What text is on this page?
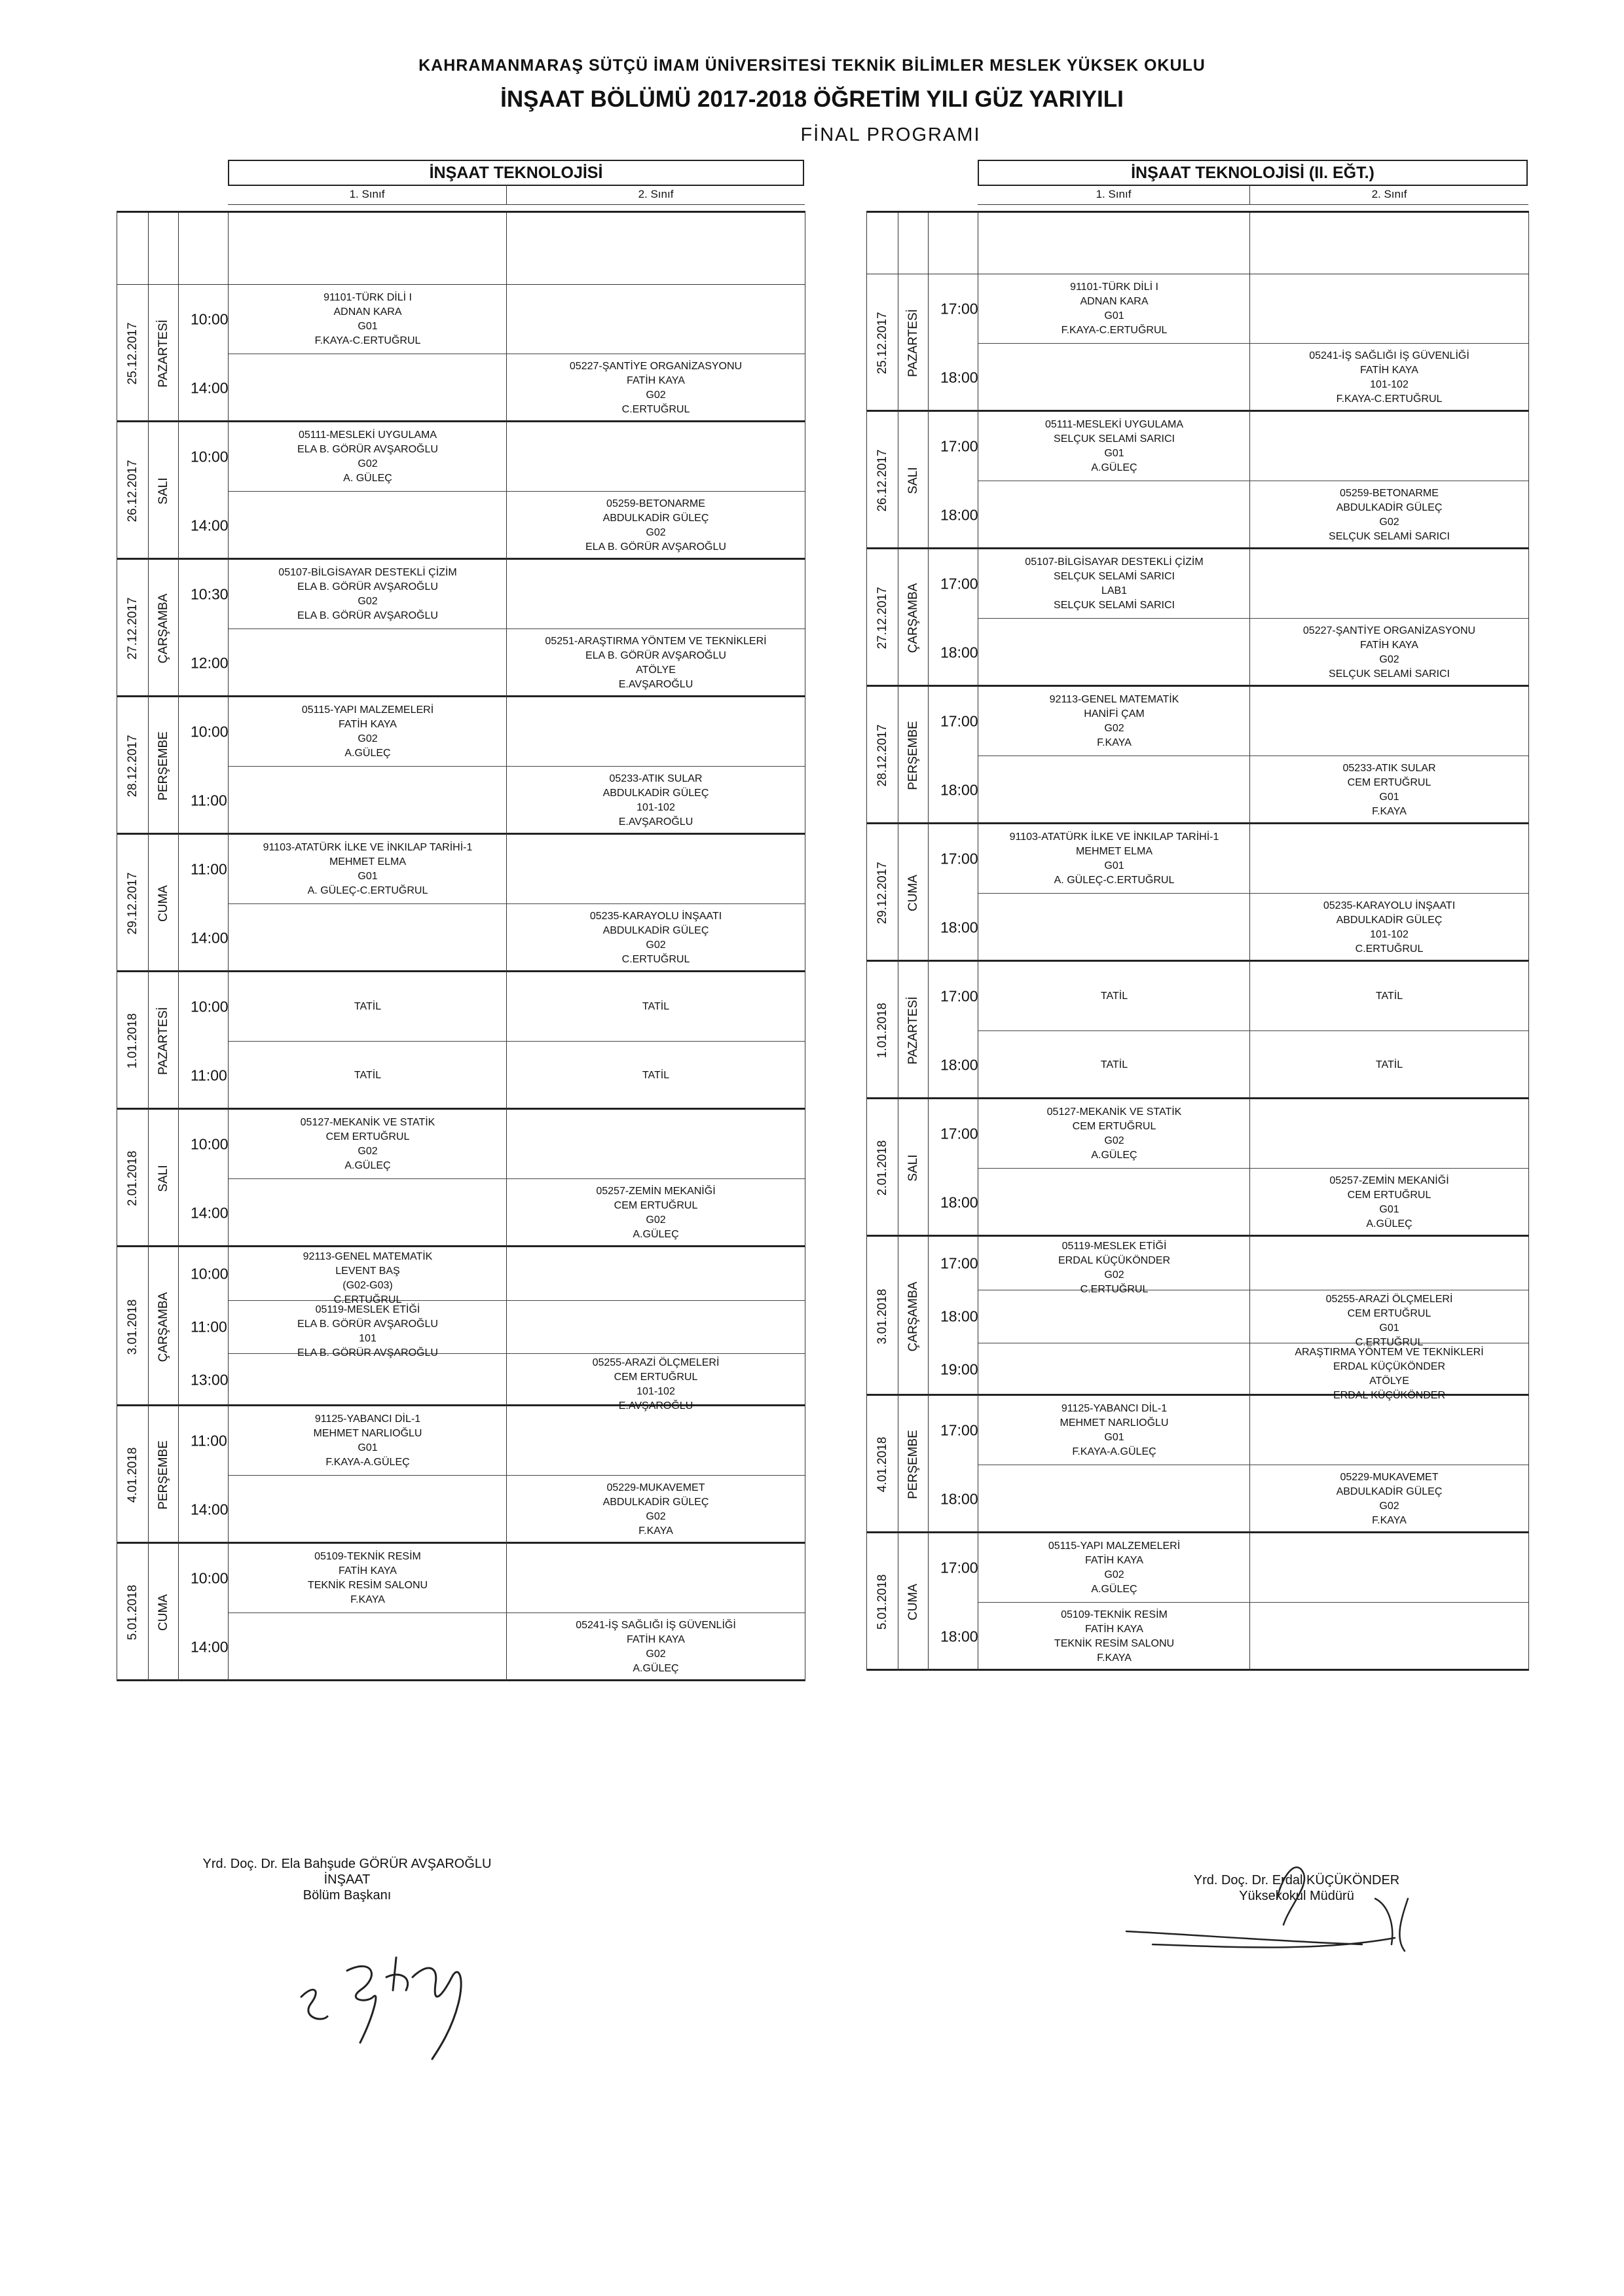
KAHRAMANMARAŞ SÜTÇÜ İMAM ÜNİVERSİTESİ TEKNİK BİLİMLER MESLEK YÜKSEK OKULU
İNŞAAT BÖLÜMÜ 2017-2018 ÖĞRETİM YILI GÜZ YARIYILI
FİNAL PROGRAMI
İNŞAAT TEKNOLOJİSİ
1. Sınıf	2. Sınıf
25.12.2017 PAZARTESİ
10:00
14:00
91101-TÜRK DİLİ I
ADNAN KARA
G01
F.KAYA-C.ERTUĞRUL
05227-ŞANTİYE ORGANİZASYONU
FATİH KAYA
G02
C.ERTUĞRUL
26.12.2017 SALI
10:00
14:00
05111-MESLEKİ UYGULAMA
ELA B. GÖRÜR AVŞAROĞLU
G02
A. GÜLEÇ
05259-BETONARME
ABDULKADİR GÜLEÇ
G02
ELA B. GÖRÜR AVŞAROĞLU
27.12.2017 ÇARŞAMBA 10:30
12:00
05107-BİLGİSAYAR DESTEKLİ ÇİZİM
ELA B. GÖRÜR AVŞAROĞLU
G02
ELA B. GÖRÜR AVŞAROĞLU
05251-ARAŞTIRMA YÖNTEM VE TEKNİKLERİ
ELA B. GÖRÜR AVŞAROĞLU
ATÖLYE
E.AVŞAROĞLU
28.12.2017 PERŞEMBE
10:00
11:00
05115-YAPI MALZEMELERİ
FATİH KAYA
G02
A.GÜLEÇ
05233-ATIK SULAR
ABDULKADİR GÜLEÇ
101-102
E.AVŞAROĞLU
29.12.2017 CUMA
11:00
14:00
91103-ATATÜRK İLKE VE İNKILAP TARİHİ-1
MEHMET ELMA
G01
A. GÜLEÇ-C.ERTUĞRUL
05235-KARAYOLU İNŞAATI
ABDULKADİR GÜLEÇ
G02
C.ERTUĞRUL
1.01.2018 PAZARTESİ
10:00
11:00
TATİL
TATİL
TATİL
TATİL
2.01.2018 SALI
10:00
14:00
05127-MEKANİK VE STATİK
CEM ERTUĞRUL
G02
A.GÜLEÇ
05257-ZEMİN MEKANİĞİ
CEM ERTUĞRUL
G02
A.GÜLEÇ
3.01.2018 ÇARŞAMBA
10:00
11:00
13:00
92113-GENEL MATEMATİK
LEVENT BAŞ
(G02-G03)
C.ERTUĞRUL
05119-MESLEK ETİĞİ
ELA B. GÖRÜR AVŞAROĞLU
101
ELA B. GÖRÜR AVŞAROĞLU
05255-ARAZİ ÖLÇMELERİ
CEM ERTUĞRUL
101-102
E.AVŞAROĞLU
4.01.2018 PERŞEMBE
11:00
14:00
91125-YABANCI DİL-1
MEHMET NARLIOĞLU
G01
F.KAYA-A.GÜLEÇ
05229-MUKAVEMET
ABDULKADİR GÜLEÇ
G02
F.KAYA
5.01.2018 CUMA
10:00
14:00
05109-TEKNİK RESİM
FATİH KAYA
TEKNİK RESİM SALONU
F.KAYA
05241-İŞ SAĞLIĞI İŞ GÜVENLİĞİ
FATİH KAYA
G02
A.GÜLEÇ
İNŞAAT TEKNOLOJİSİ (II. EĞT.)
1. Sınıf	2. Sınıf
25.12.2017 PAZARTESİ
17:00
18:00
91101-TÜRK DİLİ I
ADNAN KARA
G01
F.KAYA-C.ERTUĞRUL
05241-İŞ SAĞLIĞI İŞ GÜVENLİĞİ
FATİH KAYA
101-102
F.KAYA-C.ERTUĞRUL
26.12.2017 SALI
17:00
18:00
05111-MESLEKİ UYGULAMA
SELÇUK SELAMİ SARICI
G01
A.GÜLEÇ
05259-BETONARME
ABDULKADİR GÜLEÇ
G02
SELÇUK SELAMİ SARICI
27.12.2017 ÇARŞAMBA 17:00
18:00
05107-BİLGİSAYAR DESTEKLİ ÇİZİM
SELÇUK SELAMİ SARICI
LAB1
SELÇUK SELAMİ SARICI
05227-ŞANTİYE ORGANİZASYONU
FATİH KAYA
G02
SELÇUK SELAMİ SARICI
28.12.2017 PERŞEMBE
17:00
18:00
92113-GENEL MATEMATİK
HANİFİ ÇAM
G02
F.KAYA
05233-ATIK SULAR
CEM ERTUĞRUL
G01
F.KAYA
29.12.2017 CUMA
17:00
18:00
91103-ATATÜRK İLKE VE İNKILAP TARİHİ-1
MEHMET ELMA
G01
A. GÜLEÇ-C.ERTUĞRUL
05235-KARAYOLU İNŞAATI
ABDULKADİR GÜLEÇ
101-102
C.ERTUĞRUL
1.01.2018 PAZARTESİ
17:00
18:00
TATİL
TATİL
TATİL
TATİL
2.01.2018 SALI
17:00
18:00
05127-MEKANİK VE STATİK
CEM ERTUĞRUL
G02
A.GÜLEÇ
05257-ZEMİN MEKANİĞİ
CEM ERTUĞRUL
G01
A.GÜLEÇ
3.01.2018 ÇARŞAMBA
17:00
18:00
19:00
05119-MESLEK ETİĞİ
ERDAL KÜÇÜKÖNDER
G02
C.ERTUĞRUL
05255-ARAZİ ÖLÇMELERİ
CEM ERTUĞRUL
G01
C.ERTUĞRUL
ARAŞTIRMA YÖNTEM VE TEKNİKLERİ
ERDAL KÜÇÜKÖNDER
ATÖLYE
ERDAL KÜÇÜKÖNDER
4.01.2018 PERŞEMBE
17:00
18:00
91125-YABANCI DİL-1
MEHMET NARLIOĞLU
G01
F.KAYA-A.GÜLEÇ
05229-MUKAVEMET
ABDULKADİR GÜLEÇ
G02
F.KAYA
5.01.2018 CUMA
17:00
18:00
05115-YAPI MALZEMELERİ
FATİH KAYA
G02
A.GÜLEÇ
05109-TEKNİK RESİM
FATİH KAYA
TEKNİK RESİM SALONU
F.KAYA
Yrd. Doç. Dr. Ela Bahşude GÖRÜR AVŞAROĞLU
İNŞAAT
Bölüm Başkanı
Yrd. Doç. Dr. Erdal KÜÇÜKÖNDER
Yüksekokul Müdürü
